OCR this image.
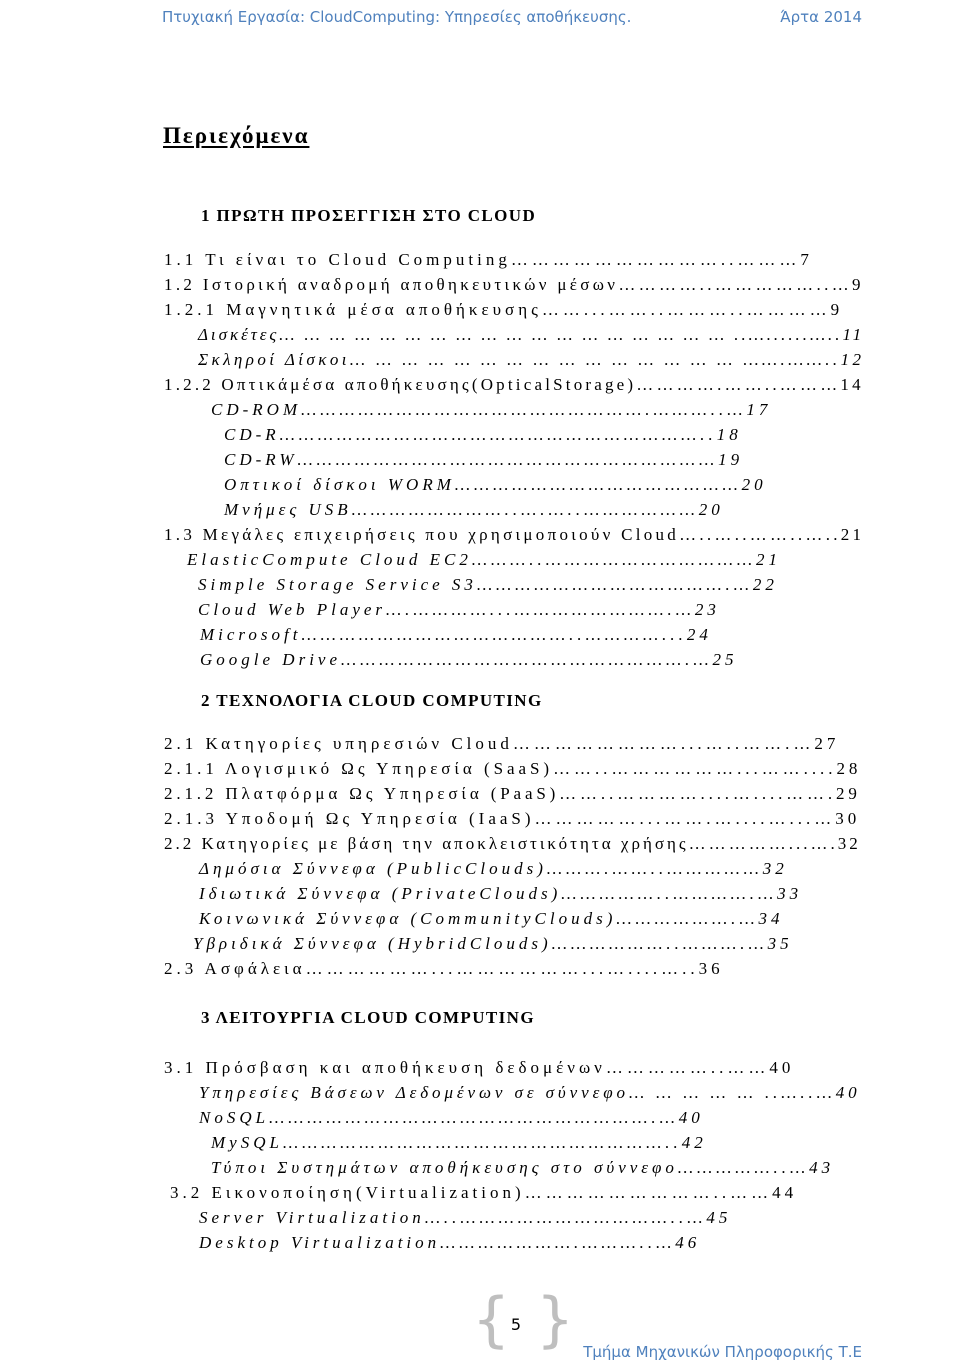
Πτυχιακή Εργασία: CloudComputing: Υπηρεσίες αποθήκευσης.	Άρτα 2014
Περιεχόμενα
1 ΠΡΩΤΗ ΠΡΟΣΕΓΓΙΣΗ ΣΤΟ CLOUD
2 ΤΕΧΝΟΛΟΓΙΑ CLOUD COMPUTING
3 ΛΕΙΤΟΥΡΓΙΑ CLOUD COMPUTING
1.1 Τι είναι το Cloud Computing…………………………..………7
1.2 Ιστορική αναδρομή αποθηκευτικών μέσων…………..……………..…9
1.2.1 Μαγνητικά μέσα αποθήκευσης……...……..………..…………9
Δισκέτες… … … … … … … … … … … … … … … … … … ..…......…..11
Σκληροί Δίσκοι… … … … … … … … … … … … … … … …….……..12
1.2.2 Οπτικάμέσα αποθήκευσης(OpticalStorage)………….……..………14
CD-ROM……………………………………………….………..…17
CD-R…………………………………………………………..18
CD-RW…………………………………………………………19
Οπτικοί δίσκοι WORM………………………………………20
Μνήμες USB……………………..….…..………………20
1.3 Μεγάλες επιχειρήσεις που χρησιμοποιούν Cloud…..…..……..…..21
ElasticCompute Cloud EC2………..……………………………21
Simple Storage Service S3………………………………….…22
Cloud Web Player….…………...…………………….…23
Microsoft……………………………………..…………...24
Google Drive……………………………………………….…25
2.1 Κατηγορίες υπηρεσιών Cloud……………………...…..…….…27
2.1.1 Λογισμικό Ως Υπηρεσία (SaaS)……..………………...……....28
2.1.2 Πλατφόρμα Ως Υπηρεσία (PaaS)……..…………....…....…….29
2.1.3 Υποδομή Ως Υπηρεσία (IaaS)……………...…….…....…...…30
2.2 Κατηγορίες με βάση την αποκλειστικότητα χρήσης……………...….32
Δημόσια Σύννεφα (PublicClouds)……….……..……………32
Ιδιωτικά Σύννεφα (PrivateClouds)……………..………….…33
Κοινωνικά Σύννεφα (CommunityClouds)……………….…34
Υβριδικά Σύννεφα (HybridClouds)………………..……….…35
2.3 Ασφάλεια………………...………………...…....…..36
3.1 Πρόσβαση και αποθήκευση δεδομένων……………..……40
Υπηρεσίες Βάσεων Δεδομένων σε σύννεφο… … … … … ..…..…40
NoSQL…………………………………………………….…40
MySQL……………………………………………………..42
Τύποι Συστημάτων αποθήκευσης στο σύννεφο……………..…43
3.2 Εικονοποίηση(Virtualization)………………………..……44
Server Virtualization…..……………………………..…45
Desktop Virtualization………………….………..…46
{ 5 } Τμήμα Μηχανικών Πληροφορικής Τ.Ε
